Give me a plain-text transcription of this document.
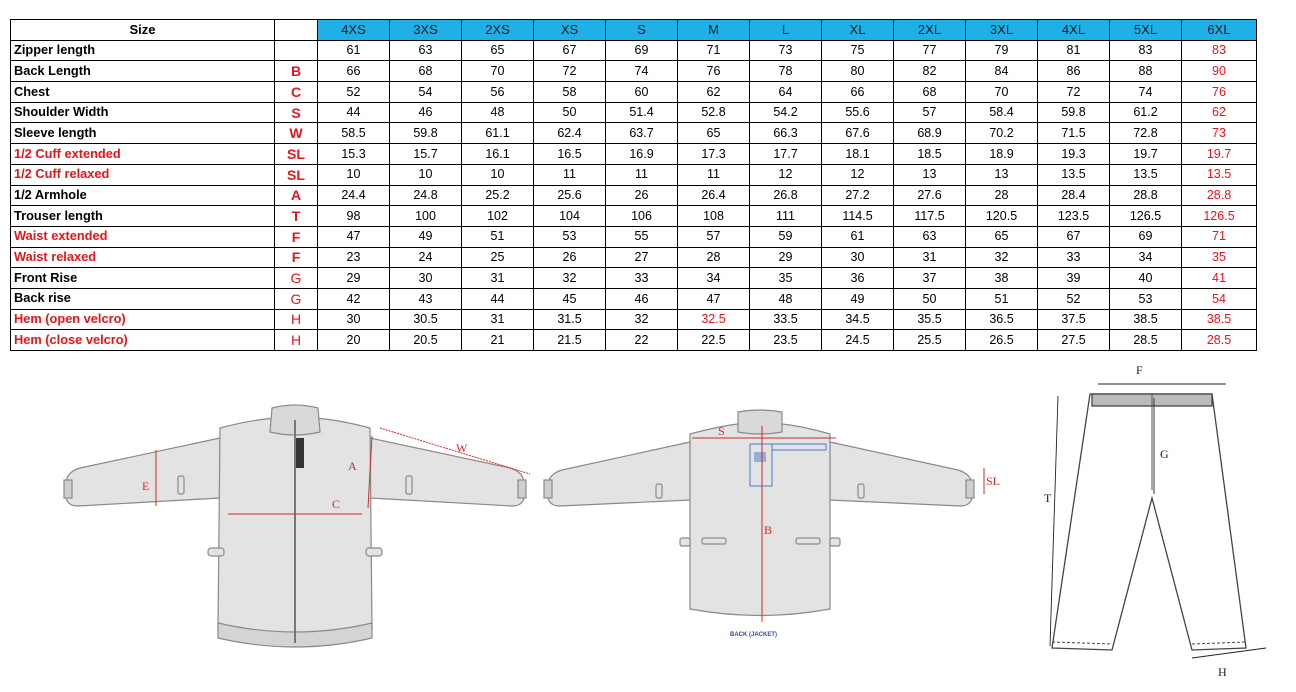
Size		4XS	3XS	2XS	XS	S	M	L	XL	2XL	3XL	4XL	5XL	6XL
Zipper length		61	63	65	67	69	71	73	75	77	79	81	83	83
Back Length	B	66	68	70	72	74	76	78	80	82	84	86	88	90
Chest	C	52	54	56	58	60	62	64	66	68	70	72	74	76
Shoulder Width	S	44	46	48	50	51.4	52.8	54.2	55.6	57	58.4	59.8	61.2	62
Sleeve length	W	58.5	59.8	61.1	62.4	63.7	65	66.3	67.6	68.9	70.2	71.5	72.8	73
1/2 Cuff extended	SL	15.3	15.7	16.1	16.5	16.9	17.3	17.7	18.1	18.5	18.9	19.3	19.7	19.7
1/2 Cuff relaxed	SL	10	10	10	11	11	11	12	12	13	13	13.5	13.5	13.5
1/2 Armhole	A	24.4	24.8	25.2	25.6	26	26.4	26.8	27.2	27.6	28	28.4	28.8	28.8
Trouser length	T	98	100	102	104	106	108	111	114.5	117.5	120.5	123.5	126.5	126.5
Waist extended	F	47	49	51	53	55	57	59	61	63	65	67	69	71
Waist relaxed	F	23	24	25	26	27	28	29	30	31	32	33	34	35
Front Rise	G	29	30	31	32	33	34	35	36	37	38	39	40	41
Back rise	G	42	43	44	45	46	47	48	49	50	51	52	53	54
Hem (open velcro)	H	30	30.5	31	31.5	32	32.5	33.5	34.5	35.5	36.5	37.5	38.5	38.5
Hem (close velcro)	H	20	20.5	21	21.5	22	22.5	23.5	24.5	25.5	26.5	27.5	28.5	28.5
C
A
E
W
S
B
SL
BACK (JACKET)
F
G
T
H
